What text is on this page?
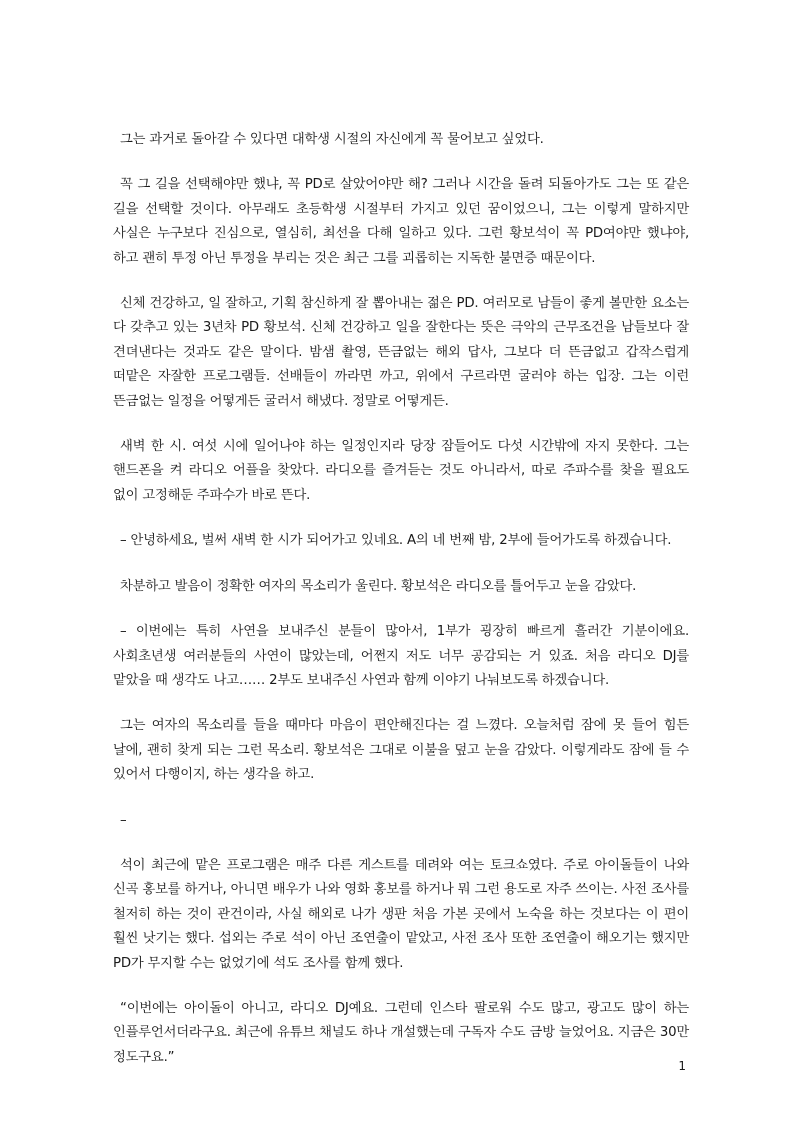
그는 과거로 돌아갈 수 있다면 대학생 시절의 자신에게 꼭 물어보고 싶었다.

꼭 그 길을 선택해야만 했냐, 꼭 PD로 살았어야만 해? 그러나 시간을 돌려 되돌아가도 그는 또 같은 길을 선택할 것이다. 아무래도 초등학생 시절부터 가지고 있던 꿈이었으니, 그는 이렇게 말하지만 사실은 누구보다 진심으로, 열심히, 최선을 다해 일하고 있다. 그런 황보석이 꼭 PD여야만 했냐야, 하고 괜히 투정 아닌 투정을 부리는 것은 최근 그를 괴롭히는 지독한 불면증 때문이다.

신체 건강하고, 일 잘하고, 기획 참신하게 잘 뽑아내는 젊은 PD. 여러모로 남들이 좋게 볼만한 요소는 다 갖추고 있는 3년차 PD 황보석. 신체 건강하고 일을 잘한다는 뜻은 극악의 근무조건을 남들보다 잘 견뎌낸다는 것과도 같은 말이다. 밤샘 촬영, 뜬금없는 해외 답사, 그보다 더 뜬금없고 갑작스럽게 떠맡은 자잘한 프로그램들. 선배들이 까라면 까고, 위에서 구르라면 굴러야 하는 입장. 그는 이런 뜬금없는 일정을 어떻게든 굴러서 해냈다. 정말로 어떻게든.

새벽 한 시. 여섯 시에 일어나야 하는 일정인지라 당장 잠들어도 다섯 시간밖에 자지 못한다. 그는 핸드폰을 켜 라디오 어플을 찾았다. 라디오를 즐겨듣는 것도 아니라서, 따로 주파수를 찾을 필요도 없이 고정해둔 주파수가 바로 뜬다.

– 안녕하세요, 벌써 새벽 한 시가 되어가고 있네요. A의 네 번째 밤, 2부에 들어가도록 하겠습니다.

차분하고 발음이 정확한 여자의 목소리가 울린다. 황보석은 라디오를 틀어두고 눈을 감았다.

– 이번에는 특히 사연을 보내주신 분들이 많아서, 1부가 굉장히 빠르게 흘러간 기분이에요. 사회초년생 여러분들의 사연이 많았는데, 어쩐지 저도 너무 공감되는 거 있죠. 처음 라디오 DJ를 맡았을 때 생각도 나고…… 2부도 보내주신 사연과 함께 이야기 나눠보도록 하겠습니다.

그는 여자의 목소리를 들을 때마다 마음이 편안해진다는 걸 느꼈다. 오늘처럼 잠에 못 들어 힘든 날에, 괜히 찾게 되는 그런 목소리. 황보석은 그대로 이불을 덮고 눈을 감았다. 이렇게라도 잠에 들 수 있어서 다행이지, 하는 생각을 하고.

–

석이 최근에 맡은 프로그램은 매주 다른 게스트를 데려와 여는 토크쇼였다. 주로 아이돌들이 나와 신곡 홍보를 하거나, 아니면 배우가 나와 영화 홍보를 하거나 뭐 그런 용도로 자주 쓰이는. 사전 조사를 철저히 하는 것이 관건이라, 사실 해외로 나가 생판 처음 가본 곳에서 노숙을 하는 것보다는 이 편이 훨씬 낫기는 했다. 섭외는 주로 석이 아닌 조연출이 맡았고, 사전 조사 또한 조연출이 해오기는 했지만 PD가 무지할 수는 없었기에 석도 조사를 함께 했다.

“이번에는 아이돌이 아니고, 라디오 DJ예요. 그런데 인스타 팔로워 수도 많고, 광고도 많이 하는 인플루언서더라구요. 최근에 유튜브 채널도 하나 개설했는데 구독자 수도 금방 늘었어요. 지금은 30만 정도구요.”

1
